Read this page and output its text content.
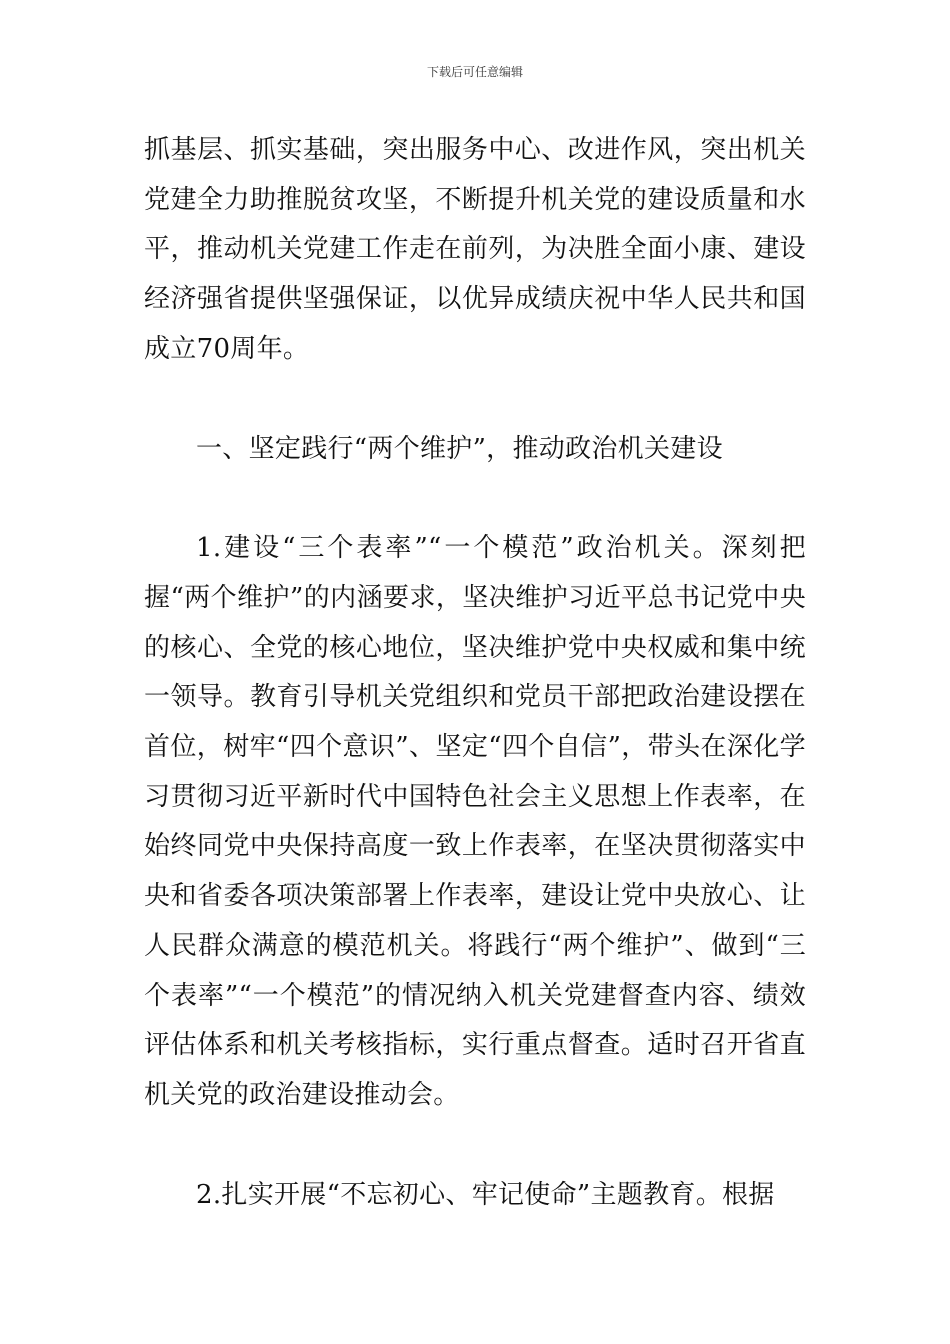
下载后可任意编辑

抓基层、抓实基础，突出服务中心、改进作风，突出机关党建全力助推脱贫攻坚，不断提升机关党的建设质量和水平，推动机关党建工作走在前列，为决胜全面小康、建设经济强省提供坚强保证，以优异成绩庆祝中华人民共和国成立70周年。

一、坚定践行“两个维护”，推动政治机关建设

1.建设“三个表率”“一个模范”政治机关。深刻把握“两个维护”的内涵要求，坚决维护习近平总书记党中央的核心、全党的核心地位，坚决维护党中央权威和集中统一领导。教育引导机关党组织和党员干部把政治建设摆在首位，树牢“四个意识”、坚定“四个自信”，带头在深化学习贯彻习近平新时代中国特色社会主义思想上作表率，在始终同党中央保持高度一致上作表率，在坚决贯彻落实中央和省委各项决策部署上作表率，建设让党中央放心、让人民群众满意的模范机关。将践行“两个维护”、做到“三个表率”“一个模范”的情况纳入机关党建督查内容、绩效评估体系和机关考核指标，实行重点督查。适时召开省直机关党的政治建设推动会。

2.扎实开展“不忘初心、牢记使命”主题教育。根据
